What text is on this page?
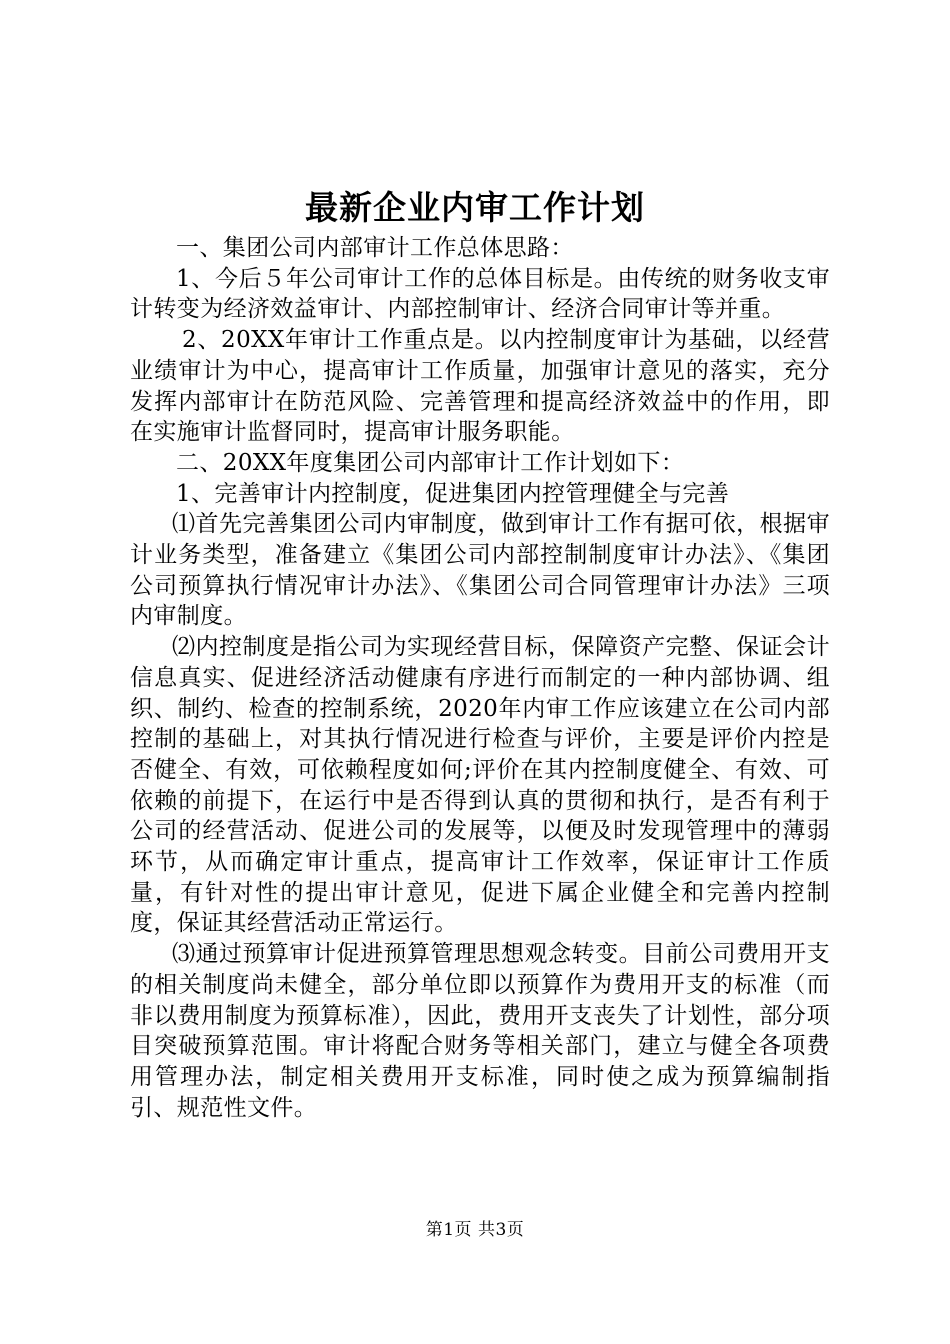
最新企业内审工作计划

一、集团公司内部审计工作总体思路：

1、今后５年公司审计工作的总体目标是。由传统的财务收支审计转变为经济效益审计、内部控制审计、经济合同审计等并重。

2、20XX年审计工作重点是。以内控制度审计为基础，以经营业绩审计为中心，提高审计工作质量，加强审计意见的落实，充分发挥内部审计在防范风险、完善管理和提高经济效益中的作用，即在实施审计监督同时，提高审计服务职能。

二、20XX年度集团公司内部审计工作计划如下：

1、完善审计内控制度，促进集团内控管理健全与完善

⑴首先完善集团公司内审制度，做到审计工作有据可依，根据审计业务类型，准备建立《集团公司内部控制制度审计办法》、《集团公司预算执行情况审计办法》、《集团公司合同管理审计办法》三项内审制度。

⑵内控制度是指公司为实现经营目标，保障资产完整、保证会计信息真实、促进经济活动健康有序进行而制定的一种内部协调、组织、制约、检查的控制系统，2020年内审工作应该建立在公司内部控制的基础上，对其执行情况进行检查与评价，主要是评价内控是否健全、有效，可依赖程度如何;评价在其内控制度健全、有效、可依赖的前提下，在运行中是否得到认真的贯彻和执行，是否有利于公司的经营活动、促进公司的发展等，以便及时发现管理中的薄弱环节，从而确定审计重点，提高审计工作效率，保证审计工作质量，有针对性的提出审计意见，促进下属企业健全和完善内控制度，保证其经营活动正常运行。

⑶通过预算审计促进预算管理思想观念转变。目前公司费用开支的相关制度尚未健全，部分单位即以预算作为费用开支的标准（而非以费用制度为预算标准），因此，费用开支丧失了计划性，部分项目突破预算范围。审计将配合财务等相关部门，建立与健全各项费用管理办法，制定相关费用开支标准，同时使之成为预算编制指引、规范性文件。

第1页 共3页
